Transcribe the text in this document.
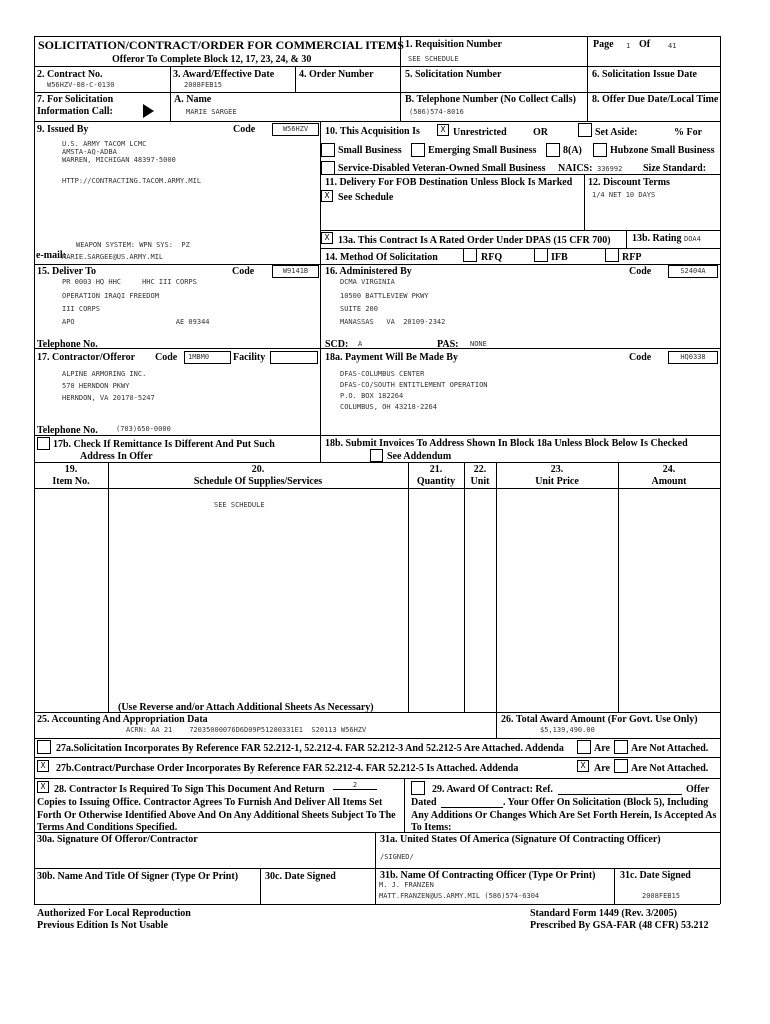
SOLICITATION/CONTRACT/ORDER FOR COMMERCIAL ITEMS
Offeror To Complete Block 12, 17, 23, 24, & 30
1. Requisition Number
SEE SCHEDULE
Page 1 Of	41
2. Contract No.
W56HZV-08-C-0130
3. Award/Effective Date
2008FEB15
4. Order Number	5. Solicitation Number	6. Solicitation Issue Date
7. For Solicitation
Information Call:
A. Name
MARIE SARGEE
B. Telephone Number (No Collect Calls)
(586)574-8016
8. Offer Due Date/Local Time
9. Issued By	Code	W56HZV
U.S. ARMY TACOM LCMC
AMSTA-AQ-ADBA
WARREN, MICHIGAN 48397-5000
HTTP://CONTRACTING.TACOM.ARMY.MIL
WEAPON SYSTEM: WPN SYS:  PZ
e-mail:
MARIE.SARGEE@US.ARMY.MIL
10. This Acquisition Is	X Unrestricted	OR	Set Aside:	% For
Small Business	Emerging Small Business	8(A)	Hubzone Small Business
Service-Disabled Veteran-Owned Small Business NAICS: 336992 Size Standard:
11. Delivery For FOB Destination Unless Block Is Marked
X See Schedule
12. Discount Terms
1/4 NET 10 DAYS
X 13a. This Contract Is A Rated Order Under DPAS (15 CFR 700) 13b. Rating DOA4
14. Method Of Solicitation	RFQ	IFB	RFP
15. Deliver To	Code	W9141B
PR 0003 HQ HHC     HHC III CORPS
OPERATION IRAQI FREEDOM
III CORPS
APO                        AE 09344
16. Administered By	Code	S2404A
DCMA VIRGINIA
10500 BATTLEVIEW PKWY
SUITE 200
MANASSAS   VA  20109-2342
Telephone No.	SCD: A	PAS: NONE
17. Contractor/Offeror Code	1MBM0	Facility
ALPINE ARMORING INC.
570 HERNDON PKWY
HERNDON, VA 20170-5247
18a. Payment Will Be Made By	Code	HQ0338
DFAS-COLUMBUS CENTER
DFAS-CO/SOUTH ENTITLEMENT OPERATION
P.O. BOX 182264
COLUMBUS, OH 43218-2264
Telephone No.	(703)650-0000
17b. Check If Remittance Is Different And Put Such
Address In Offer
18b. Submit Invoices To Address Shown In Block 18a Unless Block Below Is Checked
See Addendum
19.
Item No.
20.
Schedule Of Supplies/Services
21.
Quantity
22.
Unit
23.
Unit Price
24.
Amount
SEE SCHEDULE
(Use Reverse and/or Attach Additional Sheets As Necessary)
25. Accounting And Appropriation Data
ACRN: AA 21    72035000076D6D09P51200331E1  S20113 W56HZV
26. Total Award Amount (For Govt. Use Only)
$5,139,490.00
27a.Solicitation Incorporates By Reference FAR 52.212-1, 52.212-4. FAR 52.212-3 And 52.212-5 Are Attached. Addenda	Are Are Not Attached.
X	27b.Contract/Purchase Order Incorporates By Reference FAR 52.212-4. FAR 52.212-5 Is Attached. Addenda	X Are Are Not Attached.
X 28. Contractor Is Required To Sign This Document And Return	2
Copies to Issuing Office. Contractor Agrees To Furnish And Deliver All Items Set
Forth Or Otherwise Identified Above And On Any Additional Sheets Subject To The
Terms And Conditions Specified.
29. Award Of Contract: Ref.	Offer
Dated	. Your Offer On Solicitation (Block 5), Including
Any Additions Or Changes Which Are Set Forth Herein, Is Accepted As
To Items:
30a. Signature Of Offeror/Contractor	31a. United States Of America (Signature Of Contracting Officer)
/SIGNED/
30b. Name And Title Of Signer (Type Or Print)	30c. Date Signed	31b. Name Of Contracting Officer (Type Or Print)
M. J. FRANZEN
MATT.FRANZEN@US.ARMY.MIL (586)574-6304
31c. Date Signed
2008FEB15
Authorized For Local Reproduction
Previous Edition Is Not Usable
Standard Form 1449 (Rev. 3/2005)
Prescribed By GSA-FAR (48 CFR) 53.212
